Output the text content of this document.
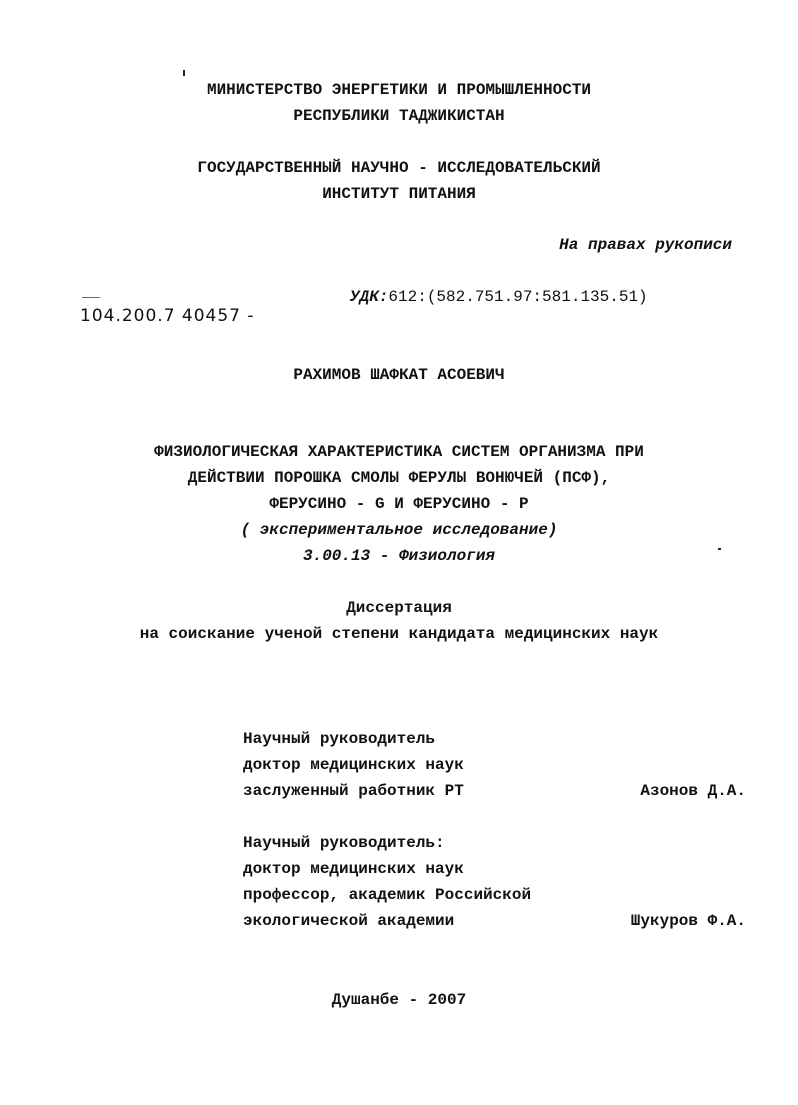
МИНИСТЕРСТВО ЭНЕРГЕТИКИ И ПРОМЫШЛЕННОСТИ
РЕСПУБЛИКИ ТАДЖИКИСТАН
ГОСУДАРСТВЕННЫЙ НАУЧНО - ИССЛЕДОВАТЕЛЬСКИЙ
ИНСТИТУТ ПИТАНИЯ
На правах рукописи
УДК:612:(582.751.97:581.135.51)
104.200.7 40457 -
РАХИМОВ ШАФКАТ АСОЕВИЧ
ФИЗИОЛОГИЧЕСКАЯ ХАРАКТЕРИСТИКА СИСТЕМ ОРГАНИЗМА ПРИ
ДЕЙСТВИИ ПОРОШКА СМОЛЫ ФЕРУЛЫ ВОНЮЧЕЙ (ПСФ),
ФЕРУСИНО - G И ФЕРУСИНО - P
( экспериментальное исследование)
3.00.13 - Физиология
Диссертация
на соискание ученой степени кандидата медицинских наук
Научный руководитель
доктор медицинских наук
заслуженный работник РТ	Азонов Д.А.
Научный руководитель:
доктор медицинских наук
профессор, академик Российской
экологической академии	Шукуров Ф.А.
Душанбе - 2007
